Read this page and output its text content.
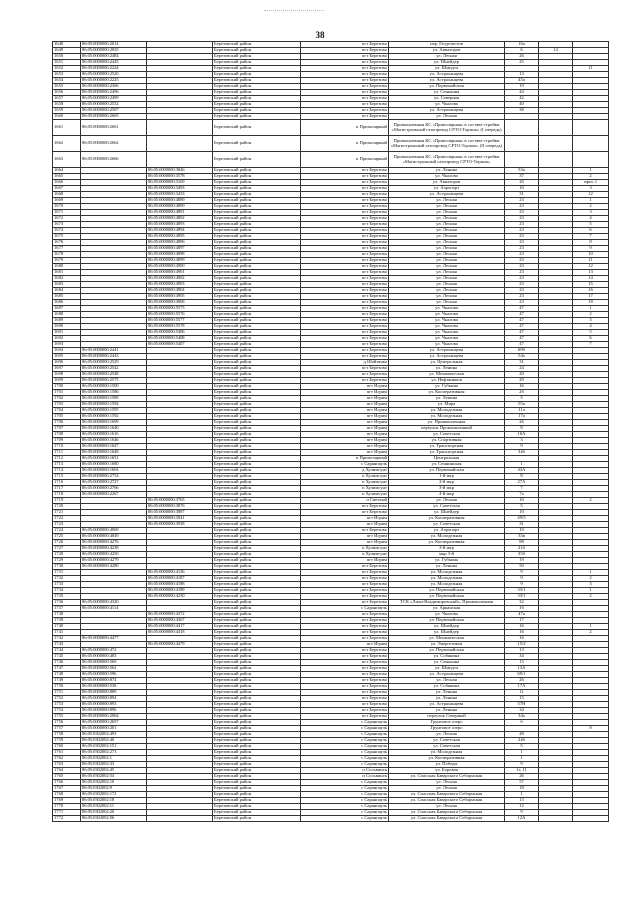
38
1648	86:05:0000000:2014		Березовский район	пгт Березово	пер. Геодезистов	16а		
1649	86:05:0000000:2025		Березовский район	пгт Березово	ул. Авиаторов	6	14	
1650	86:05:0000000:2484		Березовский район	пгт Березово	ул. Лесная	26		
1651	86:05:0000000:2445		Березовский район	пгт Березово	ул. Шнейдер	25		
1652	86:05:0000000:2224		Березовский район	пгт Березово	ул. Шмидта			11
1653	86:05:0000000:2520		Березовский район	пгт Березово	ул. Астраханцева	13		
1654	86:05:0000000:2225		Березовский район	пгт Березово	ул. Астраханцева	45а		
1655	86:05:0000000:2366		Березовский район	пгт Березово	ул. Первомайская	19		
1656	86:05:0000000:2496		Березовский район	пгт Березово	ул. Сенькина	44		
1657	86:05:0000000:2499		Березовский район	пгт Березово	ул. Северная	42		
1658	86:05:0000000:2532		Березовский район	пгт Березово	ул. Чкалова	40		
1659	86:05:0000000:2507		Березовский район	пгт Березово	ул. Астраханцева	38		
1660	86:05:0000000:2665		Березовский район	пгт Березово	ул. Лесная			
1661	86:05:0000000:2661		Березовский район	п Приполярный	Промышленная КС «Приполярная» в составе стройки «Магистральный газопровод СРТО-Торжок» (I очередь)			
1662	86:05:0000000:2662		Березовский район	п Приполярный	Промышленная КС «Приполярная» в составе стройки «Магистральный газопровод СРТО-Торжок» (II очередь)			
1663	86:05:0000000:2666		Березовский район	п Приполярный	Промышленная КС «Приполярная» в составе стройки «Магистральный газопровод СРТО-Торжок»			
1664		86:05:0000000:3846	Березовский район	пгт Березово	ул. Ленина	53а		1
1665		86:05:0000000:3578	Березовский район	пгт Березово	ул. Чкалова	37		2
1666		86:05:0000000:3169	Березовский район	пгт Березово	ул. Авиаторов	20		офис 1
1667		86:05:0000000:3493	Березовский район	пгт Березово	ул. Аэропорт	10		3
1668		86:05:0000000:3433	Березовский район	пгт Березово	ул. Астраханцева	31		12
1669		86:05:0000000:4889	Березовский район	пгт Березово	ул. Лесная	23		1
1670		86:05:0000000:4890	Березовский район	пгт Березово	ул. Лесная	23		2
1671		86:05:0000000:4891	Березовский район	пгт Березово	ул. Лесная	23		3
1672		86:05:0000000:4892	Березовский район	пгт Березово	ул. Лесная	23		4
1673		86:05:0000000:4893	Березовский район	пгт Березово	ул. Лесная	23		5
1674		86:05:0000000:4894	Березовский район	пгт Березово	ул. Лесная	23		6
1675		86:05:0000000:4895	Березовский район	пгт Березово	ул. Лесная	23		7
1676		86:05:0000000:4896	Березовский район	пгт Березово	ул. Лесная	23		8
1677		86:05:0000000:4897	Березовский район	пгт Березово	ул. Лесная	23		9
1678		86:05:0000000:4898	Березовский район	пгт Березово	ул. Лесная	23		10
1679		86:05:0000000:4899	Березовский район	пгт Березово	ул. Лесная	23		11
1680		86:05:0000000:4900	Березовский район	пгт Березово	ул. Лесная	23		12
1681		86:05:0000000:4901	Березовский район	пгт Березово	ул. Лесная	23		13
1682		86:05:0000000:4902	Березовский район	пгт Березово	ул. Лесная	23		14
1683		86:05:0000000:4903	Березовский район	пгт Березово	ул. Лесная	23		15
1684		86:05:0000000:4904	Березовский район	пгт Березово	ул. Лесная	23		16
1685		86:05:0000000:4905	Березовский район	пгт Березово	ул. Лесная	23		17
1686		86:05:0000000:4906	Березовский район	пгт Березово	ул. Лесная	23		18
1687		86:05:0000000:5575	Березовский район	пгт Березово	ул. Чкалова	47		1
1688		86:05:0000000:5576	Березовский район	пгт Березово	ул. Чкалова	47		2
1689		86:05:0000000:5577	Березовский район	пгт Березово	ул. Чкалова	47		3
1690		86:05:0000000:5578	Березовский район	пгт Березово	ул. Чкалова	47		4
1691		86:05:0000000:5406	Березовский район	пгт Березово	ул. Чкалова	47		5
1692		86:05:0000000:5408	Березовский район	пгт Березово	ул. Чкалова	47		6
1693		86:05:0000000:5407	Березовский район	пгт Березово	ул. Чкалова	47		7
1694	86:05:0000000:2441		Березовский район	пгт Березово	ул. Астраханцева	69б		
1695	86:05:0000000:2443		Березовский район	пгт Березово	ул. Астраханцева	54а		
1696	86:05:0000000:2529		Березовский район	д Шайтанка	ул. Центральная	31		
1697	86:05:0000000:2542		Березовский район	пгт Березово	ул. Ленина	24		
1698	86:05:0000000:2548		Березовский район	пгт Березово	ул. Механическая	20		
1699	86:05:0000000:2575		Березовский район	пгт Березово	ул. Нефтяников	29		
1700	86:05:0000000:1500		Березовский район	пгт Игрим	ул. Губкина	16		
1701	86:05:0000000:1586		Березовский район	пгт Игрим	ул. Кооперативная	2б		
1702	86:05:0000000:1589		Березовский район	пгт Игрим	ул. Ленина	5		
1703	86:05:0000000:1594		Березовский район	пгт Игрим	ул. Мира	55а		
1704	86:05:0000000:1595		Березовский район	пгт Игрим	ул. Молодежная	11а		
1705	86:05:0000000:1592		Березовский район	пгт Игрим	ул. Молодежная	17а		
1706	86:05:0000000:1699		Березовский район	пгт Игрим	ул. Промышленная	26		
1707	86:05:0000000:1640		Березовский район	пгт Игрим	переулок Промышленный	8		
1708	86:05:0000000:1616		Березовский район	пгт Игрим	ул. Советская	16А		
1709	86:05:0000000:1646		Березовский район	пгт Игрим	ул. Спортивная	3		
1710	86:05:0000000:1647		Березовский район	пгт Игрим	ул. Транспортная	9		
1711	86:05:0000000:1648		Березовский район	пгт Игрим	ул. Транспортная	34б		
1712	86:05:0000000:1651		Березовский район	п Приполярный	Центральная			
1713	86:05:0000000:1680		Березовский район	с Саранпауль	ул. Сеннинская	1		
1714	86:05:0000000:1604		Березовский район	д Хулимсунт	ул. Первомайская	43А		
1715	86:05:0000000:2754		Березовский район	п Хулимсунт	1-й мкр	8		
1716	86:05:0000000:2727		Березовский район	п Хулимсунт	2-й мкр	27А		
1717	86:05:0000000:2766		Березовский район	п Хулимсунт	3-й мкр	7		
1718	86:05:0000000:2267		Березовский район	п Хулимсунт	4-й мкр	7а		
1719		86:05:0000000:3765	Березовский район	п Светлый	ул. Лесная	10		2
1720		86:05:0000000:3876	Березовский район	пгт Березово	ул. Советская	5		
1721		86:05:0000000:3887	Березовский район	пгт Березово	ул. Шнейдер	10		
1722		86:05:0000000:3941	Березовский район	пгт Игрим	ул. Кооперативная	49/5		
1723		86:05:0000000:3938	Березовский район	пгт Игрим	ул. Советская	31		
1724	86:05:0000000:4069		Березовский район	пгт Березово	ул. Аэропорт	10		
1725	86:05:0000000:4049		Березовский район	пгт Игрим	ул. Молодежная	33в		
1726	86:05:0000000:4276		Березовский район	пгт Игрим	ул. Кооперативная	88		
1727	86:05:0000000:4238		Березовский район	п Хулимсунт	3-й мкр	21б		
1728	86:05:0000000:4250		Березовский район	п Хулимсунт	мкр 3-й	35б		
1729	86:05:0000000:4279		Березовский район	пгт Игрим	ул. Губкина	19		
1730	86:05:0000000:4280		Березовский район	пгт Березово	ул. Ленина	50		
1731		86:05:0000000:4136	Березовский район	пгт Березово	ул. Молодежная	9		1
1732		86:05:0000000:4187	Березовский район	пгт Березово	ул. Молодежная	9		2
1733		86:05:0000000:4188	Березовский район	пгт Березово	ул. Молодежная	9		3
1734		86:05:0000000:4189	Березовский район	пгт Березово	ул. Первомайская	33/1		1
1735		86:05:0000000:4230	Березовский район	пгт Березово	ул. Первомайская	33/1		2
1736	86:05:0000000:4320		Березовский район	пгт Березово	ТСК «Лион-Владимировский», Промышленная	32		
1737	86:05:0000000:4114		Березовский район	с Саранпауль	ул. Арканская	1б		
1738		86:05:0000000:4372	Березовский район	пгт Березово	ул. Чкалова	47а		
1739		86:05:0000000:4367	Березовский район	пгт Березово	ул. Первомайская	17		
1740		86:05:0000000:4417	Березовский район	пгт Березово	ул. Шнейдер	16		1
1741		86:05:0000000:4418	Березовский район	пгт Березово	ул. Шнейдер	16		2
1742	86:05:0000000:4477		Березовский район	пгт Березово	ул. Механическая	16		
1743		86:05:0000000:4479	Березовский район	пгт Игрим	ул. Энергетиков	15/2		
1744	86:05:0000000:472		Березовский район	пгт Березово	ул. Первомайская	13		
1745	86:05:0000000:483		Березовский район	пгт Березово	ул. Собянина	34		
1746	86:05:0000000:569		Березовский район	пгт Березово	ул. Сенькина	15		
1747	86:05:0000000:562		Березовский район	пгт Березово	ул. Шмидта	13А		
1748	86:05:0000000:596		Березовский район	пгт Березово	ул. Астраханцева	69/1		
1749	86:05:0000000:874		Березовский район	пгт Березово	ул. Лесная	26		
1750	86:05:0000000:538		Березовский район	пгт Березово	ул. Собянина	17А		
1751	86:05:0000000:889		Березовский район	пгт Березово	ул. Ленина	11		
1752	86:05:0000000:894		Березовский район	пгт Березово	ул. Ленина	15		
1753	86:05:0000000:893		Березовский район	пгт Березово	ул. Астраханцева	57Н		
1754	86:05:0000000:896		Березовский район	пгт Березово	ул. Ленина	34		
1755	86:05:0000000:2004		Березовский район	пгт Березово	переулок Северный	34а		
1756	86:05:0000000:2657		Березовский район	с Саранпауль	Грунтовое озеро	б		
1757	86:05:0000000:201		Березовский район	с Саранпауль	Грунтовое озеро			8
1758	86:05:0302002:493		Березовский район	с Саранпауль	ул. Лесная	48		
1759	86:05:0302002:40		Березовский район	с Саранпауль	ул. Советская	24б		
1760	86:05:0302002:151		Березовский район	с Саранпауль	ул. Советская	5		
1761	86:05:0302002:273		Березовский район	с Саранпауль	ул. Молодежная	1		
1762	86:05:0302002:1		Березовский район	с Саранпауль	ул. Кооперативная	1		
1763	86:05:0302002:33		Березовский район	с Саранпауль	ул. Победы	9		
1764	86:05:0302002:45		Березовский район	п Сосьвинск	ул. Боровая	1г, 11		
1765	86:05:0302002:54		Березовский район	п Сосьвинск	ул. Спасская Баварского Себорнская	26		
1766	86:05:0302002:10		Березовский район	с Саранпауль	ул. Лесная	57		
1767	86:05:0302002:9		Березовский район	с Саранпауль	ул. Лесная	18		
1768	86:05:0302002:172		Березовский район	с Саранпауль	ул. Спасская Баварского Себорнская	1		
1769	86:05:0302002:18		Березовский район	с Саранпауль	ул. Спасская Баварского Себорнская	13		
1770	86:05:0302002:11		Березовский район	с Саранпауль	ул. Лесная	12		
1771	86:05:0302002:20		Березовский район	с Саранпауль	ул. Спасская Баварского Себорнская	9		
1772	86:05:0302002:56		Березовский район	с Саранпауль	ул. Спасская Баварского Себорнская	12А		
